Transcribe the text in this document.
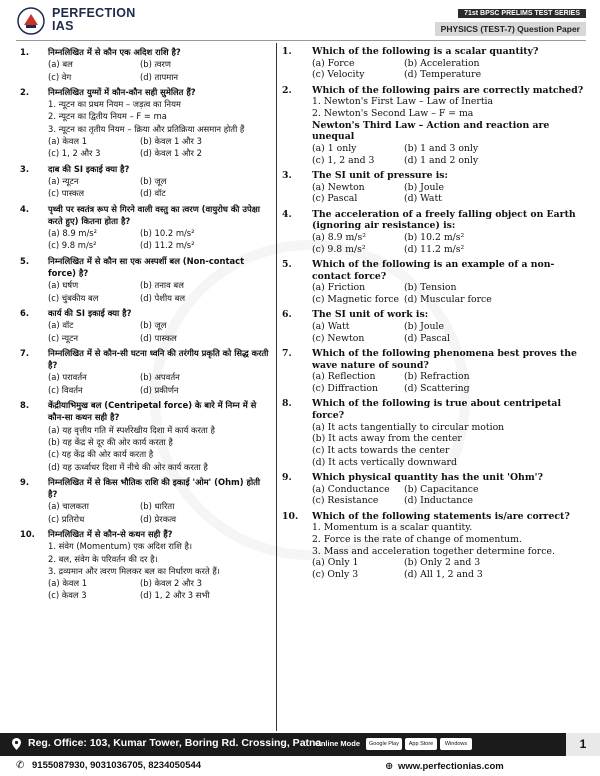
PERFECTION
IAS
71st BPSC PRELIMS TEST SERIES
PHYSICS (TEST-7) Question Paper
1. निम्नलिखित में से कौन एक अदिश राशि है?
(a) बल	(b) त्वरण
(c) वेग	(d) तापमान
2. निम्नलिखित युग्मों में कौन-कौन सही सुमेलित हैं?
1. न्यूटन का प्रथम नियम – जड़त्व का नियम
2. न्यूटन का द्वितीय नियम – F = ma
3. न्यूटन का तृतीय नियम – क्रिया और प्रतिक्रिया असमान होती हैं
(a) केवल 1	(b) केवल 1 और 3
(c) 1, 2 और 3	(d) केवल 1 और 2
3. दाब की SI इकाई क्या है?
(a) न्यूटन	(b) जूल
(c) पास्कल	(d) वॉट
4. पृथ्वी पर स्वतंत्र रूप से गिरने वाली वस्तु का त्वरण (वायुरोध की उपेक्षा करते हुए) कितना होता है?
(a) 8.9 m/s²	(b) 10.2 m/s²
(c) 9.8 m/s²	(d) 11.2 m/s²
5. निम्नलिखित में से कौन सा एक अस्पर्शी बल (Non-contact force) है?
(a) घर्षण	(b) तनाव बल
(c) चुंबकीय बल	(d) पेशीय बल
6. कार्य की SI इकाई क्या है?
(a) वॉट	(b) जूल
(c) न्यूटन	(d) पास्कल
7. निम्नलिखित में से कौन-सी घटना ध्वनि की तरंगीय प्रकृति को सिद्ध करती है?
(a) परावर्तन	(b) अपवर्तन
(c) विवर्तन	(d) प्रकीर्णन
8. केंद्रीयाभिमुख बल (Centripetal force) के बारे में निम्न में से कौन-सा कथन सही है?
(a) यह वृत्तीय गति में स्पर्शरेखीय दिशा में कार्य करता है
(b) यह केंद्र से दूर की ओर कार्य करता है
(c) यह केंद्र की ओर कार्य करता है
(d) यह ऊर्ध्वाधर दिशा में नीचे की ओर कार्य करता है
9. निम्नलिखित में से किस भौतिक राशि की इकाई 'ओम' (Ohm) होती है?
(a) चालकता	(b) धारिता
(c) प्रतिरोध	(d) प्रेरकत्व
10. निम्नलिखित में से कौन-से कथन सही हैं?
1. संवेग (Momentum) एक अदिश राशि है।
2. बल, संवेग के परिवर्तन की दर है।
3. द्रव्यमान और त्वरण मिलकर बल का निर्धारण करते हैं।
(a) केवल 1	(b) केवल 2 और 3
(c) केवल 3	(d) 1, 2 और 3 सभी
1. Which of the following is a scalar quantity?
(a) Force	(b) Acceleration
(c) Velocity	(d) Temperature
2. Which of the following pairs are correctly matched?
1. Newton's First Law – Law of Inertia
2. Newton's Second Law – F = ma
Newton's Third Law – Action and reaction are unequal
(a) 1 only	(b) 1 and 3 only
(c) 1, 2 and 3	(d) 1 and 2 only
3. The SI unit of pressure is:
(a) Newton	(b) Joule
(c) Pascal	(d) Watt
4. The acceleration of a freely falling object on Earth (ignoring air resistance) is:
(a) 8.9 m/s²	(b) 10.2 m/s²
(c) 9.8 m/s²	(d) 11.2 m/s²
5. Which of the following is an example of a non-contact force?
(a) Friction	(b) Tension
(c) Magnetic force (d) Muscular force
6. The SI unit of work is:
(a) Watt	(b) Joule
(c) Newton	(d) Pascal
7. Which of the following phenomena best proves the wave nature of sound?
(a) Reflection	(b) Refraction
(c) Diffraction	(d) Scattering
8. Which of the following is true about centripetal force?
(a) It acts tangentially to circular motion
(b) It acts away from the center
(c) It acts towards the center
(d) It acts vertically downward
9. Which physical quantity has the unit 'Ohm'?
(a) Conductance	(b) Capacitance
(c) Resistance	(d) Inductance
10. Which of the following statements is/are correct?
1. Momentum is a scalar quantity.
2. Force is the rate of change of momentum.
3. Mass and acceleration together determine force.
(a) Only 1	(b) Only 2 and 3
(c) Only 3	(d) All 1, 2 and 3
Reg. Office: 103, Kumar Tower, Boring Rd. Crossing, Patna
Online Mode	Google Play	App Store	Windows	1
✆ 9155087930, 9031036705, 8234050544	⊕ www.perfectionias.com
